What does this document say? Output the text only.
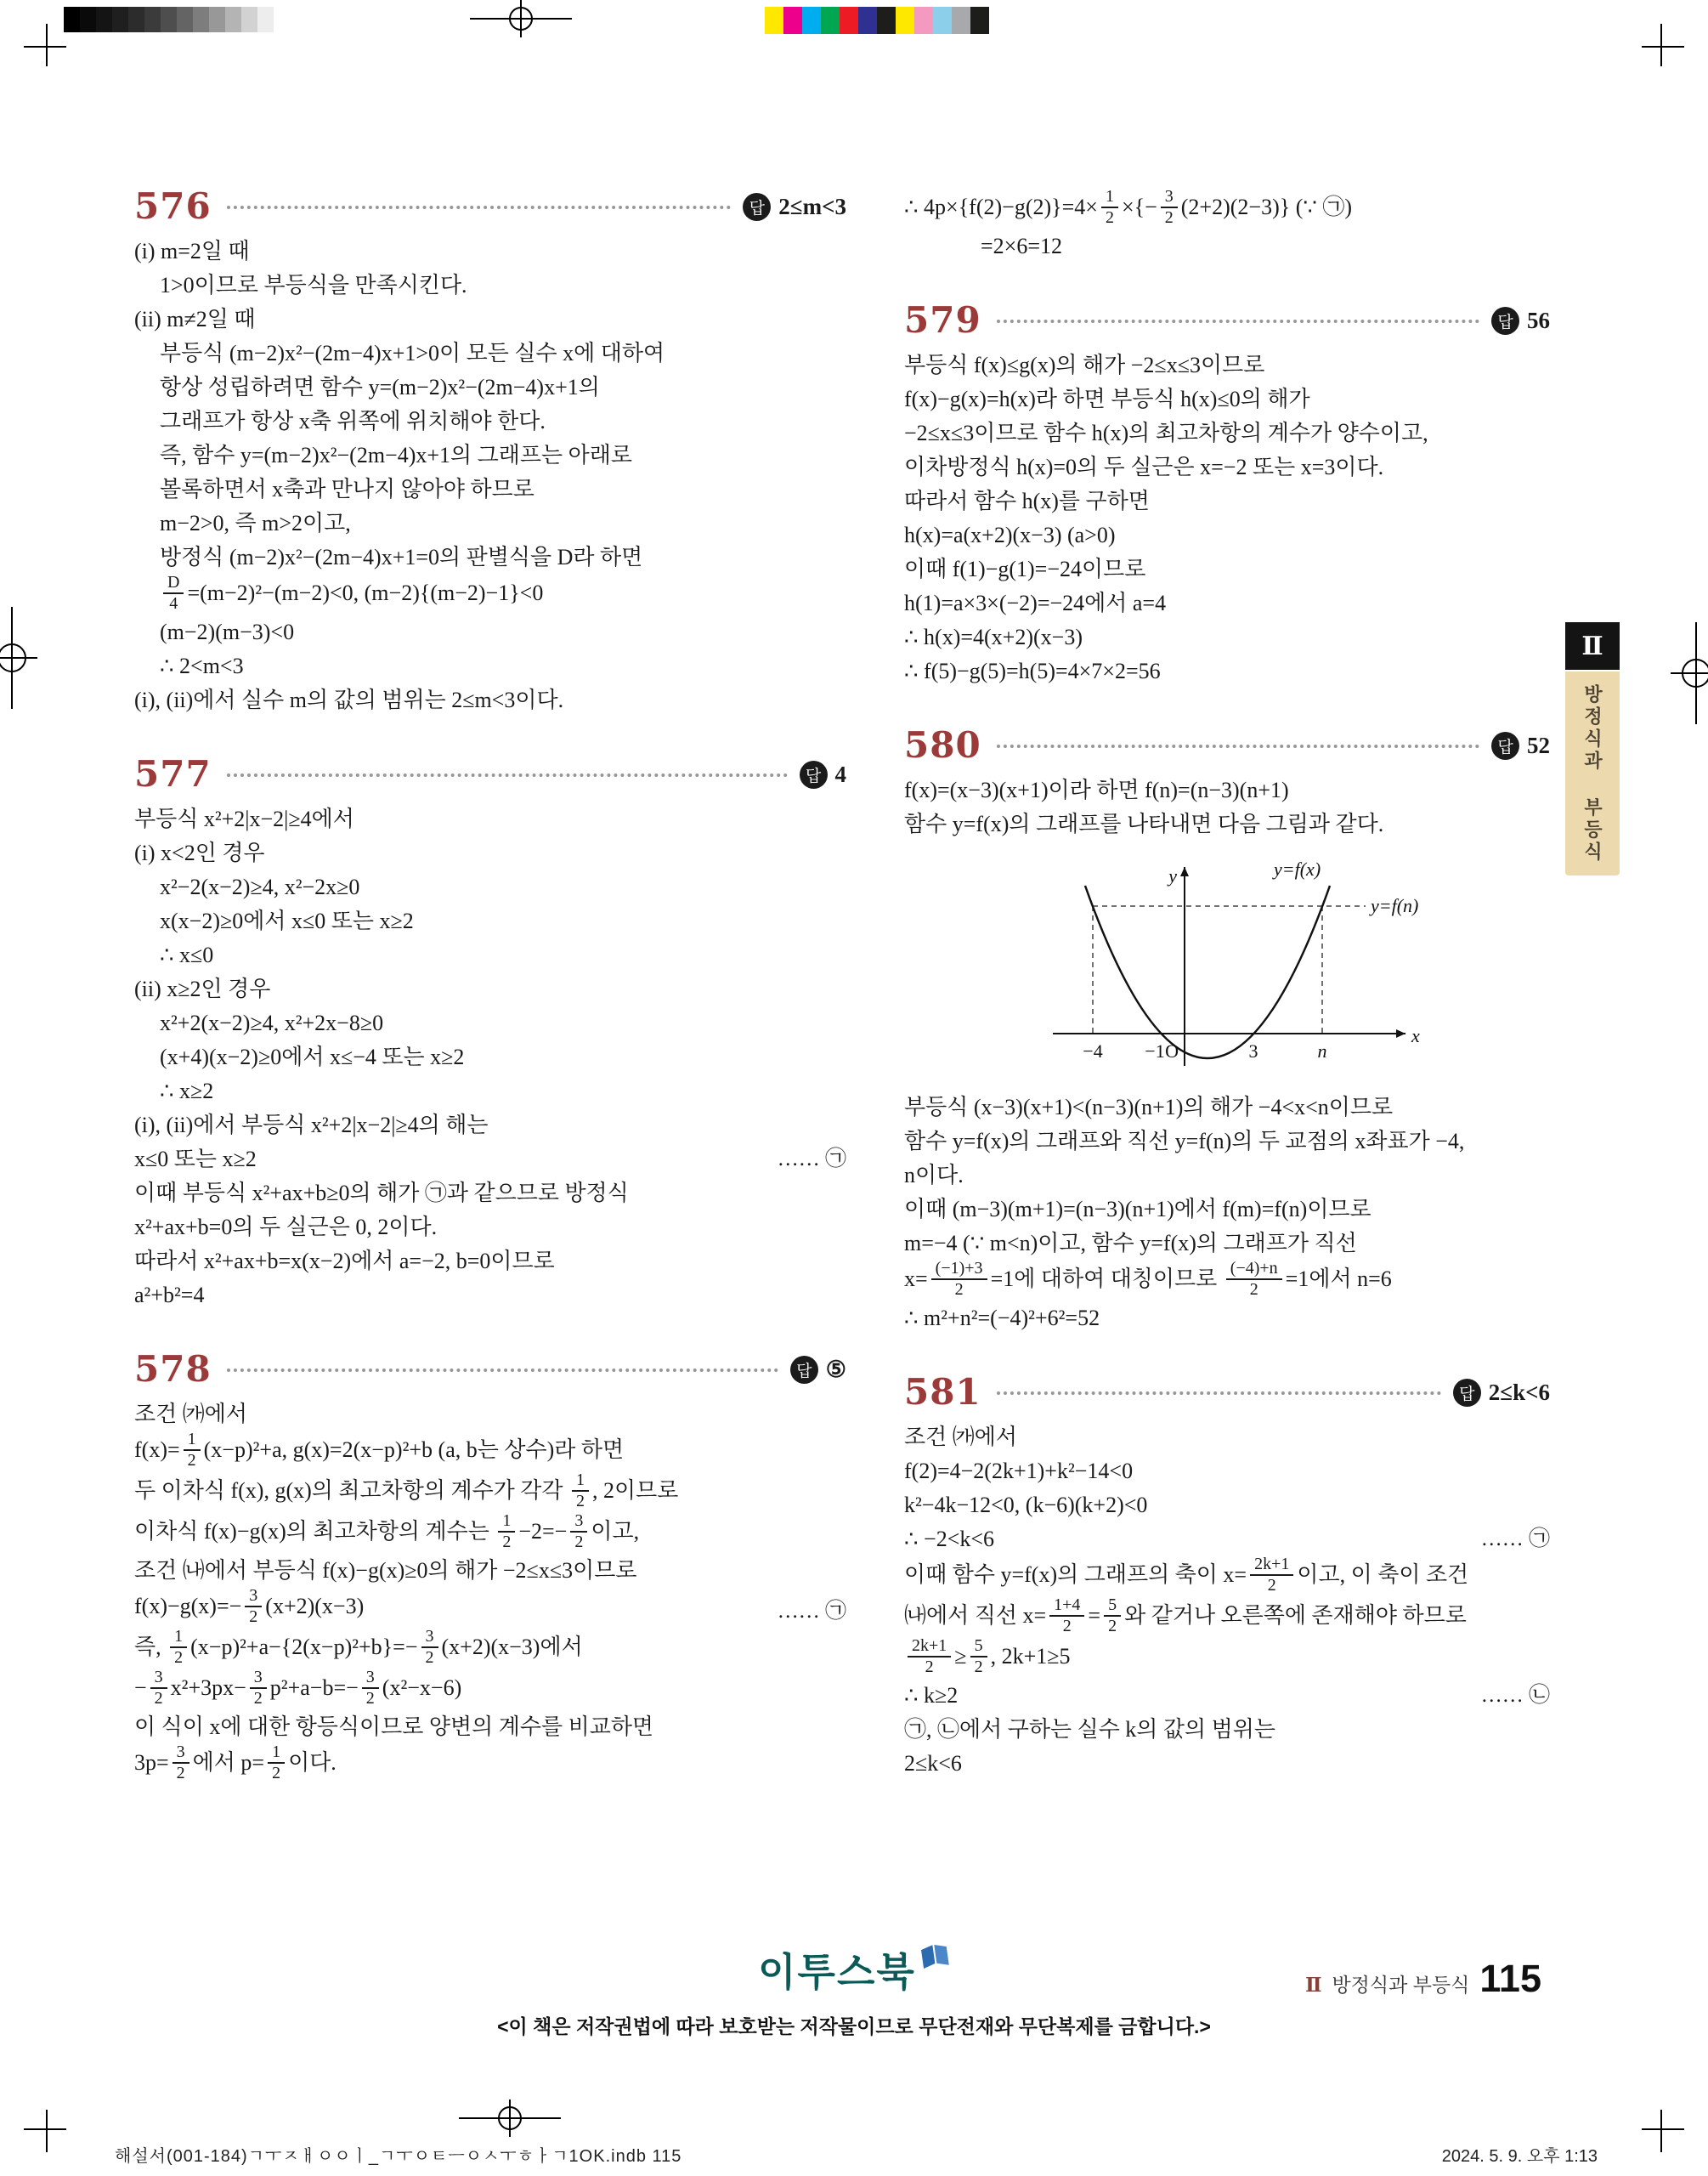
576	답 2≤m<3
(i) m=2일 때
1>0이므로 부등식을 만족시킨다.
(ii) m≠2일 때
부등식 (m−2)x²−(2m−4)x+1>0이 모든 실수 x에 대하여
항상 성립하려면 함수 y=(m−2)x²−(2m−4)x+1의
그래프가 항상 x축 위쪽에 위치해야 한다.
즉, 함수 y=(m−2)x²−(2m−4)x+1의 그래프는 아래로
볼록하면서 x축과 만나지 않아야 하므로
m−2>0, 즉 m>2이고,
방정식 (m−2)x²−(2m−4)x+1=0의 판별식을 D라 하면
$\frac{D}{4} =(m-2)^2-(m-2)<0$, (m−2){(m−2)−1}<0
(m−2)(m−3)<0
∴ 2<m<3
(i), (ii)에서 실수 m의 값의 범위는 2≤m<3이다.
577	답 4
부등식 x²+2|x−2|≥4에서
(i) x<2인 경우
x²−2(x−2)≥4, x²−2x≥0
x(x−2)≥0에서 x≤0 또는 x≥2
∴ x≤0
(ii) x≥2인 경우
x²+2(x−2)≥4, x²+2x−8≥0
(x+4)(x−2)≥0에서 x≤−4 또는 x≥2
∴ x≥2
(i), (ii)에서 부등식 x²+2|x−2|≥4의 해는
x≤0 또는 x≥2	…… ㉠
이때 부등식 x²+ax+b≥0의 해가 ㉠과 같으므로 방정식
x²+ax+b=0의 두 실근은 0, 2이다.
따라서 x²+ax+b=x(x−2)에서 a=−2, b=0이므로
a²+b²=4
578	답 ⑤
조건 ㈎에서
$f(x)= \frac{1}{2} (x-p)^2+a$, g(x)=2(x−p)²+b (a, b는 상수)라 하면
두 이차식 f(x), g(x)의 최고차항의 계수가 각각 $\frac{1}{2}$ , 2이므로
이차식 f(x)−g(x)의 최고차항의 계수는 $\frac{1}{2} -2=- \frac{3}{2}$ 이고,
조건 ㈏에서 부등식 f(x)−g(x)≥0의 해가 −2≤x≤3이므로
$f(x)-g(x)=- \frac{3}{2} (x+2)(x-3)$	…… ㉠
즉, $\frac{1}{2} (x-p)^2+a-\{2(x-p)^2+b\}=- \frac{3}{2} (x+2)(x-3)$에서
− $\frac{3}{2} x^2+3px- \frac{3}{2} p^2+a-b=- \frac{3}{2} (x^2-x-6)$
이 식이 x에 대한 항등식이므로 양변의 계수를 비교하면
$3p= \frac{3}{2}$ 에서 $p= \frac{1}{2}$ 이다.
∴ $4p\times\{f(2)-g(2)\}=4\times \frac{1}{2}$ ×{− $\frac{3}{2} (2+2)(2-3)$} (∵ ㉠)
=2×6=12
579	답 56
부등식 f(x)≤g(x)의 해가 −2≤x≤3이므로
f(x)−g(x)=h(x)라 하면 부등식 h(x)≤0의 해가
−2≤x≤3이므로 함수 h(x)의 최고차항의 계수가 양수이고,
이차방정식 h(x)=0의 두 실근은 x=−2 또는 x=3이다.
따라서 함수 h(x)를 구하면
h(x)=a(x+2)(x−3) (a>0)
이때 f(1)−g(1)=−24이므로
h(1)=a×3×(−2)=−24에서 a=4
∴ h(x)=4(x+2)(x−3)
∴ f(5)−g(5)=h(5)=4×7×2=56
580	답 52
f(x)=(x−3)(x+1)이라 하면 f(n)=(n−3)(n+1)
함수 y=f(x)의 그래프를 나타내면 다음 그림과 같다.
y
x
O
−4 −1	3	n
y=f(x)
y=f(n)
부등식 (x−3)(x+1)<(n−3)(n+1)의 해가 −4<x<n이므로
함수 y=f(x)의 그래프와 직선 y=f(n)의 두 교점의 x좌표가 −4,
n이다.
이때 (m−3)(m+1)=(n−3)(n+1)에서 f(m)=f(n)이므로
m=−4 (∵ m<n)이고, 함수 y=f(x)의 그래프가 직선
$x= \frac{(-1)+3}{2} =1$에 대하여 대칭이므로 $\frac{(-4)+n}{2} =1$에서 n=6
∴ m²+n²=(−4)²+6²=52
581	답 2≤k<6
조건 ㈎에서
f(2)=4−2(2k+1)+k²−14<0
k²−4k−12<0, (k−6)(k+2)<0
∴ −2<k<6	…… ㉠
이때 함수 y=f(x)의 그래프의 축이 $x= \frac{2k+1}{2}$ 이고, 이 축이 조건
㈏에서 직선 $x= \frac{1+4}{2} = \frac{5}{2}$ 와 같거나 오른쪽에 존재해야 하므로
$\frac{2k+1}{2} \ge \frac{5}{2}$ , 2k+1≥5
∴ k≥2	…… ㉡
㉠, ㉡에서 구하는 실수 k의 값의 범위는
2≤k<6
Ⅱ
방정식과 부등식
이투스북	Ⅱ 방정식과 부등식 115
<이 책은 저작권법에 따라 보호받는 저작물이므로 무단전재와 무단복제를 금합니다.>
해설서(001-184)ㄱㅜㅈㅐㅇㅇㅣ_ㄱㅜㅇㅌㅡㅇㅅㅜㅎㅏㄱ1OK.indb 115	2024. 5. 9. 오후 1:13
